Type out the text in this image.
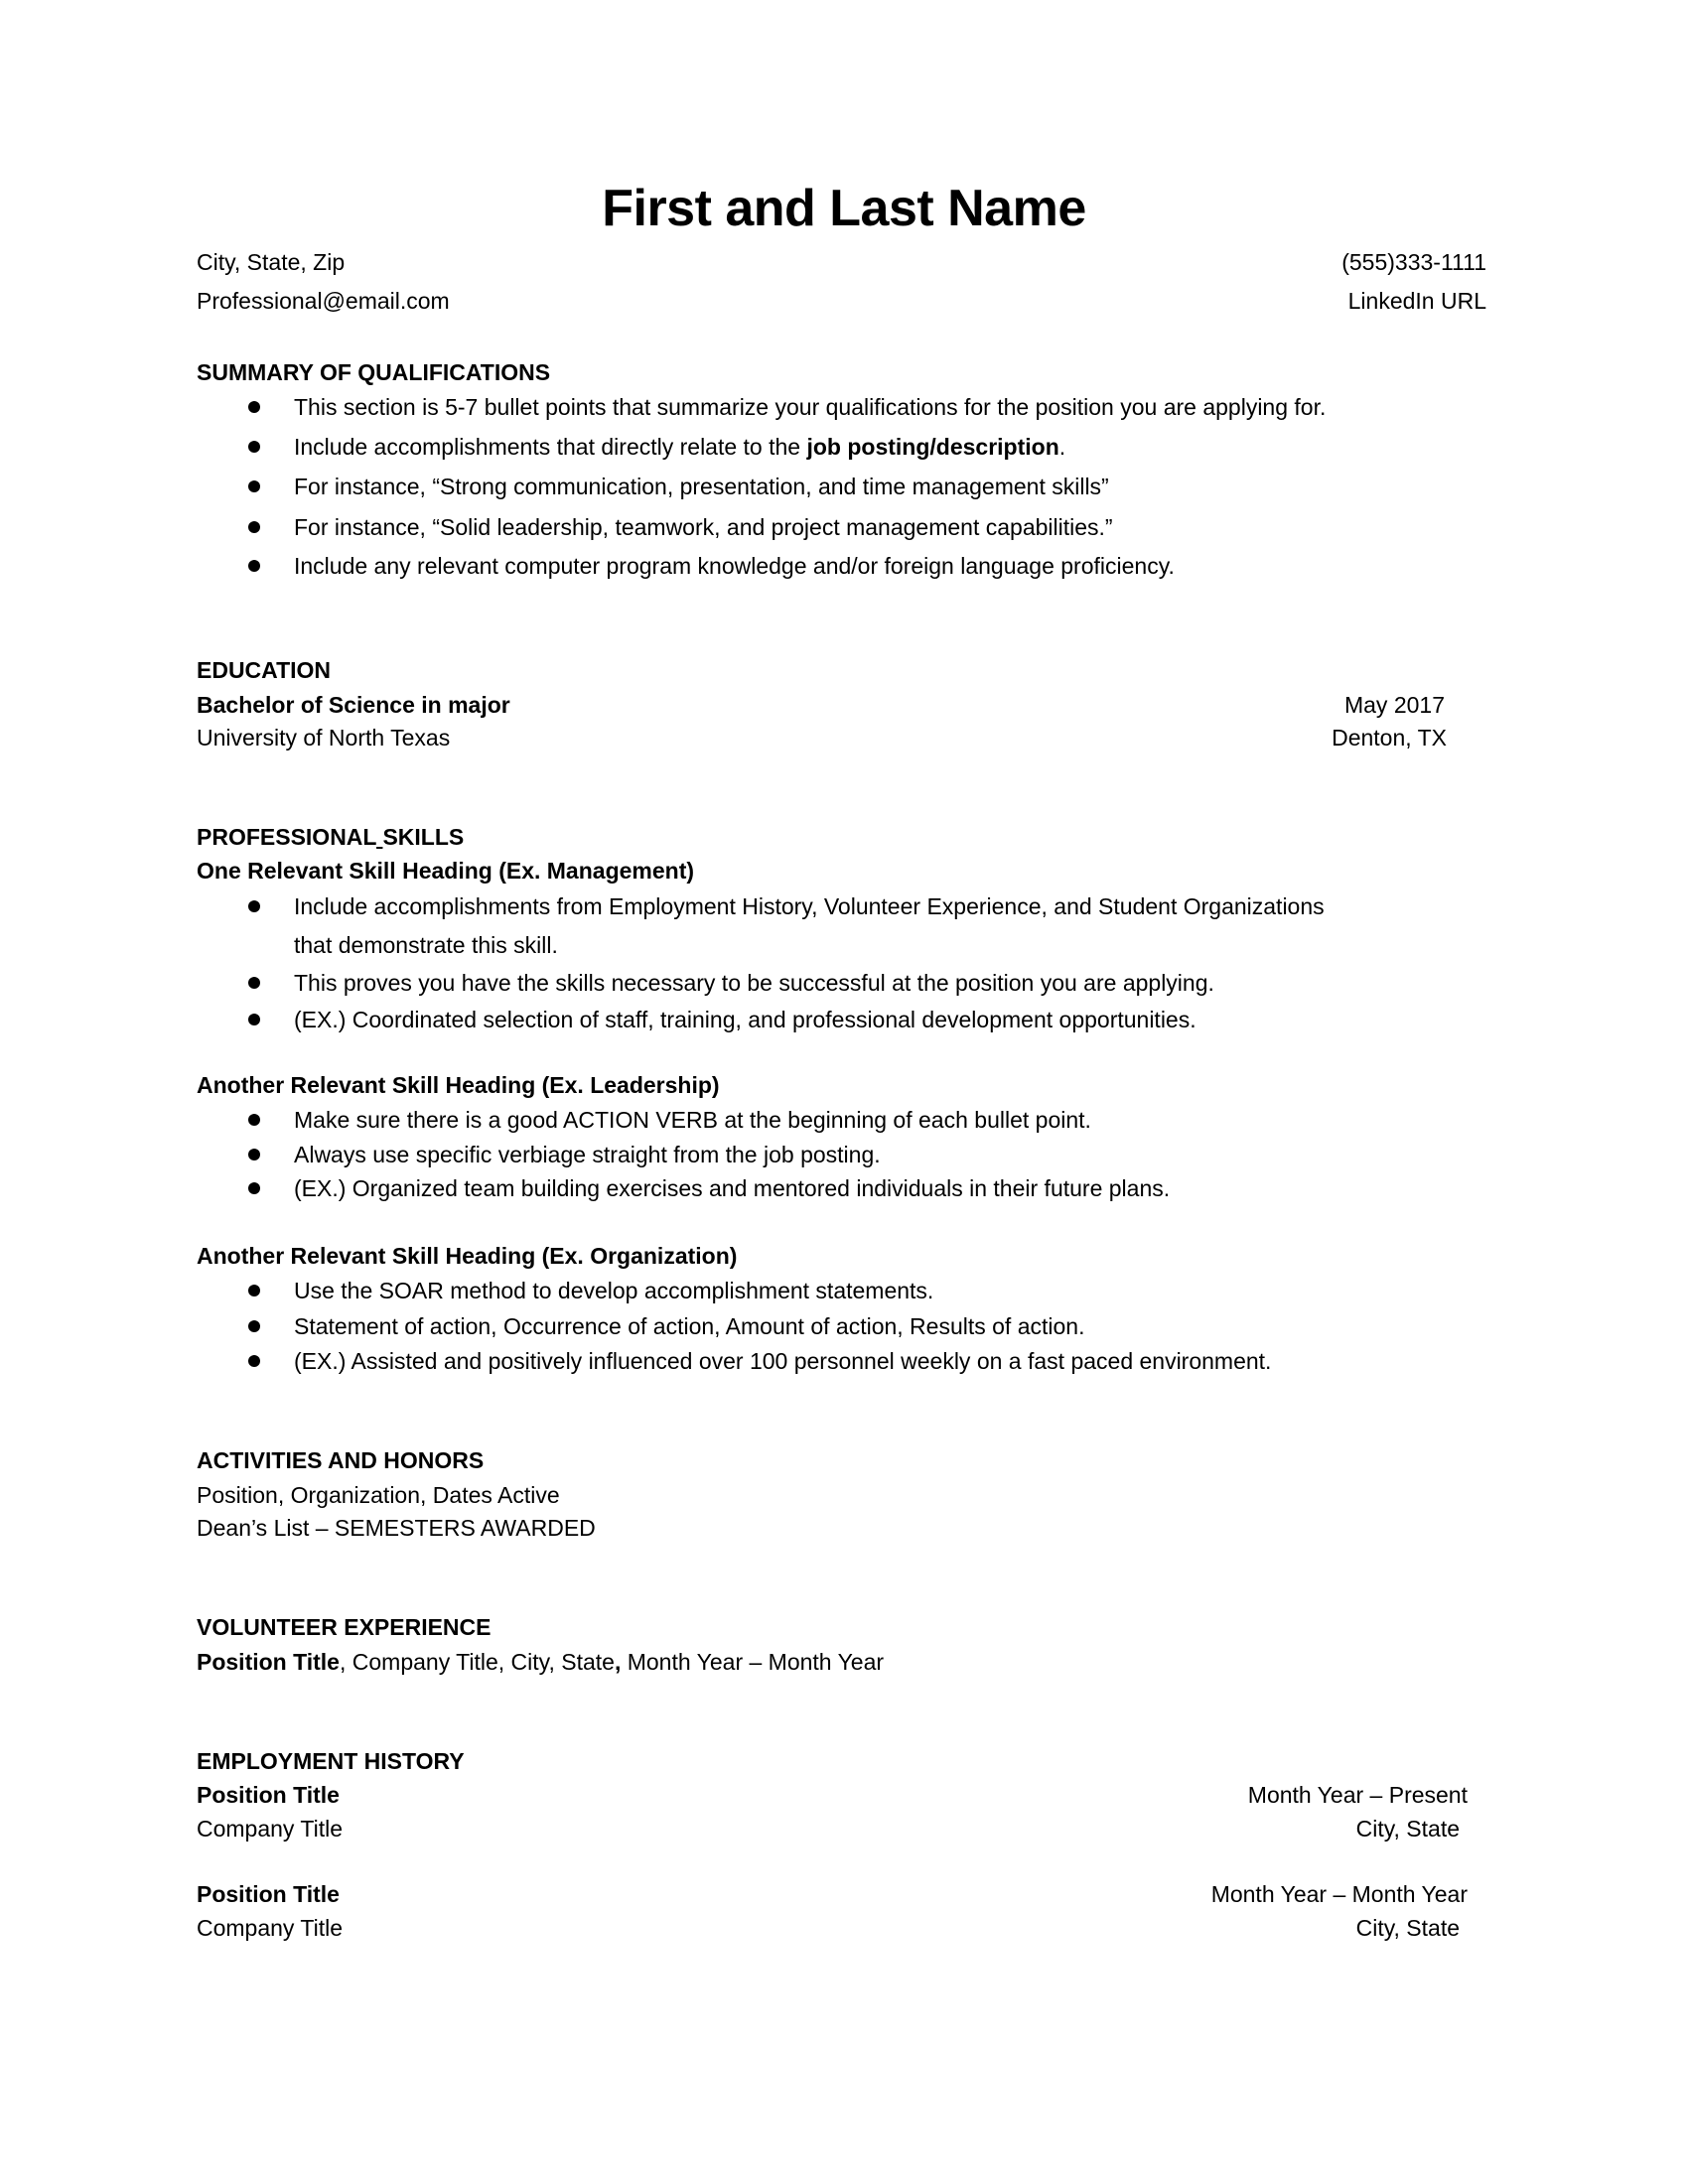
First and Last Name
City, State, Zip	(555)333-1111
Professional@email.com	LinkedIn URL
SUMMARY OF QUALIFICATIONS
This section is 5-7 bullet points that summarize your qualifications for the position you are applying for.
Include accomplishments that directly relate to the job posting/description.
For instance, “Strong communication, presentation, and time management skills”
For instance, “Solid leadership, teamwork, and project management capabilities.”
Include any relevant computer program knowledge and/or foreign language proficiency.
EDUCATION
Bachelor of Science in major	May 2017
University of North Texas	Denton, TX
PROFESSIONAL SKILLS
One Relevant Skill Heading (Ex. Management)
Include accomplishments from Employment History, Volunteer Experience, and Student Organizations
that demonstrate this skill.
This proves you have the skills necessary to be successful at the position you are applying.
(EX.) Coordinated selection of staff, training, and professional development opportunities.
Another Relevant Skill Heading (Ex. Leadership)
Make sure there is a good ACTION VERB at the beginning of each bullet point.
Always use specific verbiage straight from the job posting.
(EX.) Organized team building exercises and mentored individuals in their future plans.
Another Relevant Skill Heading (Ex. Organization)
Use the SOAR method to develop accomplishment statements.
Statement of action, Occurrence of action, Amount of action, Results of action.
(EX.) Assisted and positively influenced over 100 personnel weekly on a fast paced environment.
ACTIVITIES AND HONORS
Position, Organization, Dates Active
Dean’s List – SEMESTERS AWARDED
VOLUNTEER EXPERIENCE
Position Title, Company Title, City, State, Month Year – Month Year
EMPLOYMENT HISTORY
Position Title	Month Year – Present
Company Title	City, State
Position Title	Month Year – Month Year
Company Title	City, State
